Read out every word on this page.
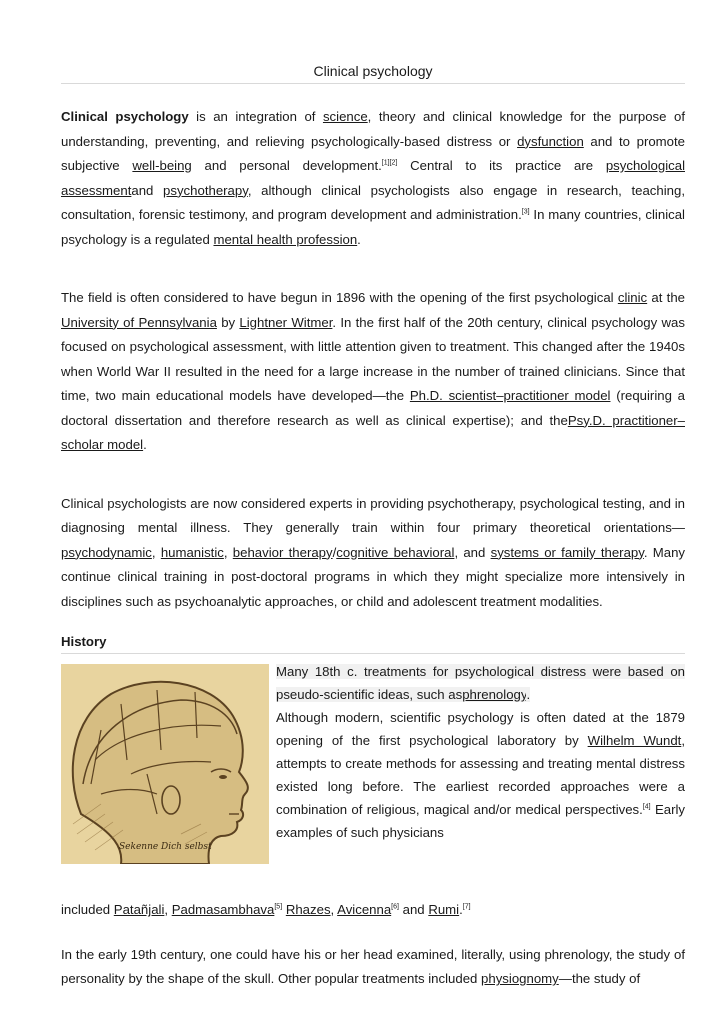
Clinical psychology

Clinical psychology is an integration of science, theory and clinical knowledge for the purpose of understanding, preventing, and relieving psychologically-based distress or dysfunction and to promote subjective well-being and personal development.[1][2] Central to its practice are psychological assessmentand psychotherapy, although clinical psychologists also engage in research, teaching, consultation, forensic testimony, and program development and administration.[3] In many countries, clinical psychology is a regulated mental health profession.

The field is often considered to have begun in 1896 with the opening of the first psychological clinic at the University of Pennsylvania by Lightner Witmer. In the first half of the 20th century, clinical psychology was focused on psychological assessment, with little attention given to treatment. This changed after the 1940s when World War II resulted in the need for a large increase in the number of trained clinicians. Since that time, two main educational models have developed—the Ph.D. scientist–practitioner model (requiring a doctoral dissertation and therefore research as well as clinical expertise); and thePsy.D. practitioner–scholar model.

Clinical psychologists are now considered experts in providing psychotherapy, psychological testing, and in diagnosing mental illness. They generally train within four primary theoretical orientations—psychodynamic, humanistic, behavior therapy/cognitive behavioral, and systems or family therapy. Many continue clinical training in post-doctoral programs in which they might specialize more intensively in disciplines such as psychoanalytic approaches, or child and adolescent treatment modalities.

History
Sekenne Dich selbst

Many 18th c. treatments for psychological distress were based on pseudo-scientific ideas, such asphrenology.
Although modern, scientific psychology is often dated at the 1879 opening of the first psychological laboratory by Wilhelm Wundt, attempts to create methods for assessing and treating mental distress existed long before. The earliest recorded approaches were a combination of religious, magical and/or medical perspectives.[4] Early examples of such physicians

included Patañjali, Padmasambhava[5] Rhazes, Avicenna[6] and Rumi.[7]

In the early 19th century, one could have his or her head examined, literally, using phrenology, the study of personality by the shape of the skull. Other popular treatments included physiognomy—the study of
